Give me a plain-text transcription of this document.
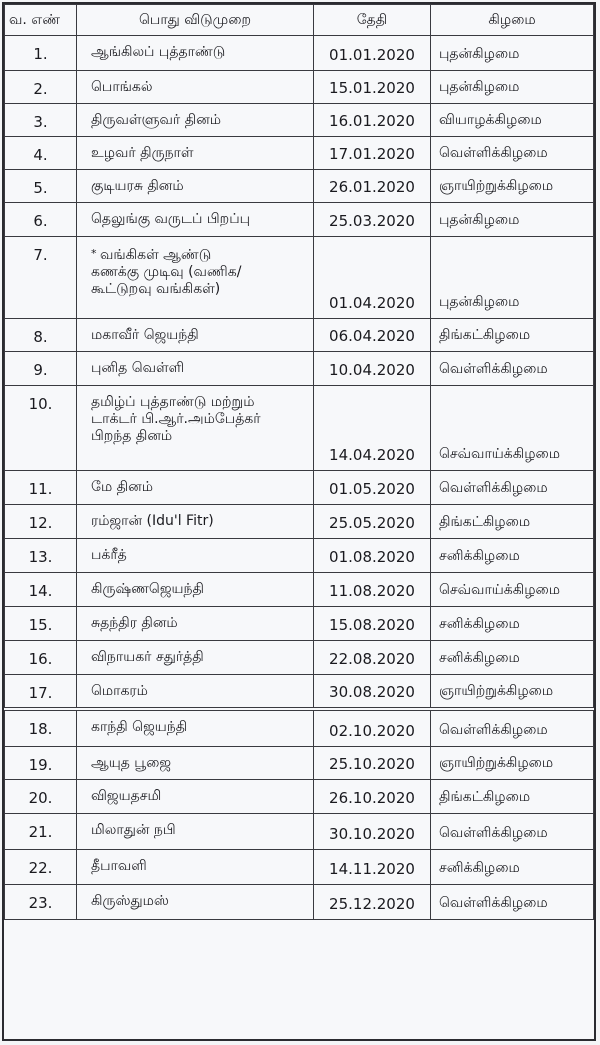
வ. எண்	பொது விடுமுறை	தேதி	கிழமை
1.	ஆங்கிலப் புத்தாண்டு	01.01.2020	புதன்கிழமை
2.	பொங்கல்	15.01.2020	புதன்கிழமை
3.	திருவள்ளுவர் தினம்	16.01.2020	வியாழக்கிழமை
4.	உழவர் திருநாள்	17.01.2020	வெள்ளிக்கிழமை
5.	குடியரசு தினம்	26.01.2020	ஞாயிற்றுக்கிழமை
6.	தெலுங்கு வருடப் பிறப்பு	25.03.2020	புதன்கிழமை
7.	* வங்கிகள் ஆண்டு
கணக்கு முடிவு (வணிக/
கூட்டுறவு வங்கிகள்)	01.04.2020	புதன்கிழமை
8.	மகாவீர் ஜெயந்தி	06.04.2020	திங்கட்கிழமை
9.	புனித வெள்ளி	10.04.2020	வெள்ளிக்கிழமை
10.	தமிழ்ப் புத்தாண்டு மற்றும்
டாக்டர் பி.ஆர்.அம்பேத்கர்
பிறந்த தினம்	14.04.2020	செவ்வாய்க்கிழமை
11.	மே தினம்	01.05.2020	வெள்ளிக்கிழமை
12.	ரம்ஜான் (Idu'l Fitr)	25.05.2020	திங்கட்கிழமை
13.	பக்ரீத்	01.08.2020	சனிக்கிழமை
14.	கிருஷ்ணஜெயந்தி	11.08.2020	செவ்வாய்க்கிழமை
15.	சுதந்திர தினம்	15.08.2020	சனிக்கிழமை
16.	விநாயகர் சதுர்த்தி	22.08.2020	சனிக்கிழமை
17.	மொகரம்	30.08.2020	ஞாயிற்றுக்கிழமை
18.	காந்தி ஜெயந்தி	02.10.2020	வெள்ளிக்கிழமை
19.	ஆயுத பூஜை	25.10.2020	ஞாயிற்றுக்கிழமை
20.	விஜயதசமி	26.10.2020	திங்கட்கிழமை
21.	மிலாதுன் நபி	30.10.2020	வெள்ளிக்கிழமை
22.	தீபாவளி	14.11.2020	சனிக்கிழமை
23.	கிருஸ்துமஸ்	25.12.2020	வெள்ளிக்கிழமை
